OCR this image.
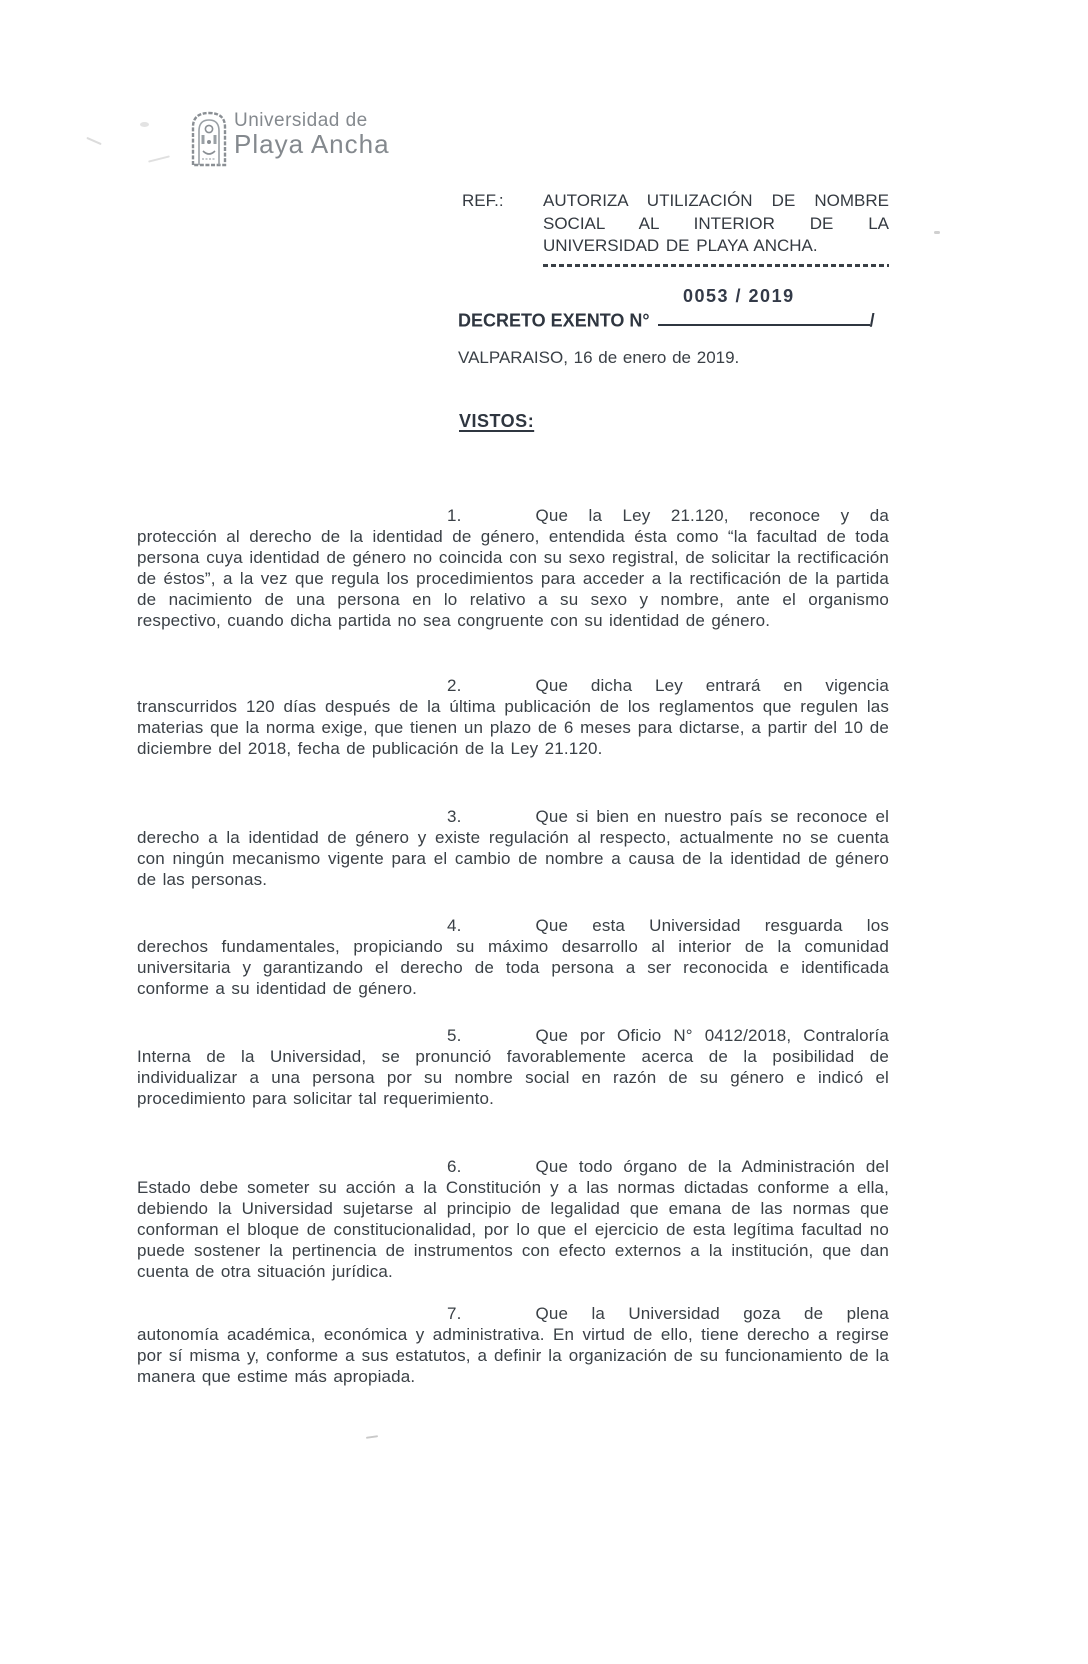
Universidad de
Playa Ancha
REF.:	AUTORIZA UTILIZACIÓN DE NOMBRE SOCIAL AL INTERIOR DE LA UNIVERSIDAD DE PLAYA ANCHA.
0053 / 2019
DECRETO EXENTO N°	/
VALPARAISO, 16 de enero de 2019.
VISTOS:

1.	Que la Ley 21.120, reconoce y da protección al derecho de la identidad de género, entendida ésta como “la facultad de toda persona cuya identidad de género no coincida con su sexo registral, de solicitar la rectificación de éstos”, a la vez que regula los procedimientos para acceder a la rectificación de la partida de nacimiento de una persona en lo relativo a su sexo y nombre, ante el organismo respectivo, cuando dicha partida no sea congruente con su identidad de género.

2.	Que dicha Ley entrará en vigencia transcurridos 120 días después de la última publicación de los reglamentos que regulen las materias que la norma exige, que tienen un plazo de 6 meses para dictarse, a partir del 10 de diciembre del 2018, fecha de publicación de la Ley 21.120.

3.	Que si bien en nuestro país se reconoce el derecho a la identidad de género y existe regulación al respecto, actualmente no se cuenta con ningún mecanismo vigente para el cambio de nombre a causa de la identidad de género de las personas.

4.	Que esta Universidad resguarda los derechos fundamentales, propiciando su máximo desarrollo al interior de la comunidad universitaria y garantizando el derecho de toda persona a ser reconocida e identificada conforme a su identidad de género.

5.	Que por Oficio N° 0412/2018, Contraloría Interna de la Universidad, se pronunció favorablemente acerca de la posibilidad de individualizar a una persona por su nombre social en razón de su género e indicó el procedimiento para solicitar tal requerimiento.

6.	Que todo órgano de la Administración del Estado debe someter su acción a la Constitución y a las normas dictadas conforme a ella, debiendo la Universidad sujetarse al principio de legalidad que emana de las normas que conforman el bloque de constitucionalidad, por lo que el ejercicio de esta legítima facultad no puede sostener la pertinencia de instrumentos con efecto externos a la institución, que dan cuenta de otra situación jurídica.

7.	Que la Universidad goza de plena autonomía académica, económica y administrativa. En virtud de ello, tiene derecho a regirse por sí misma y, conforme a sus estatutos, a definir la organización de su funcionamiento de la manera que estime más apropiada.
